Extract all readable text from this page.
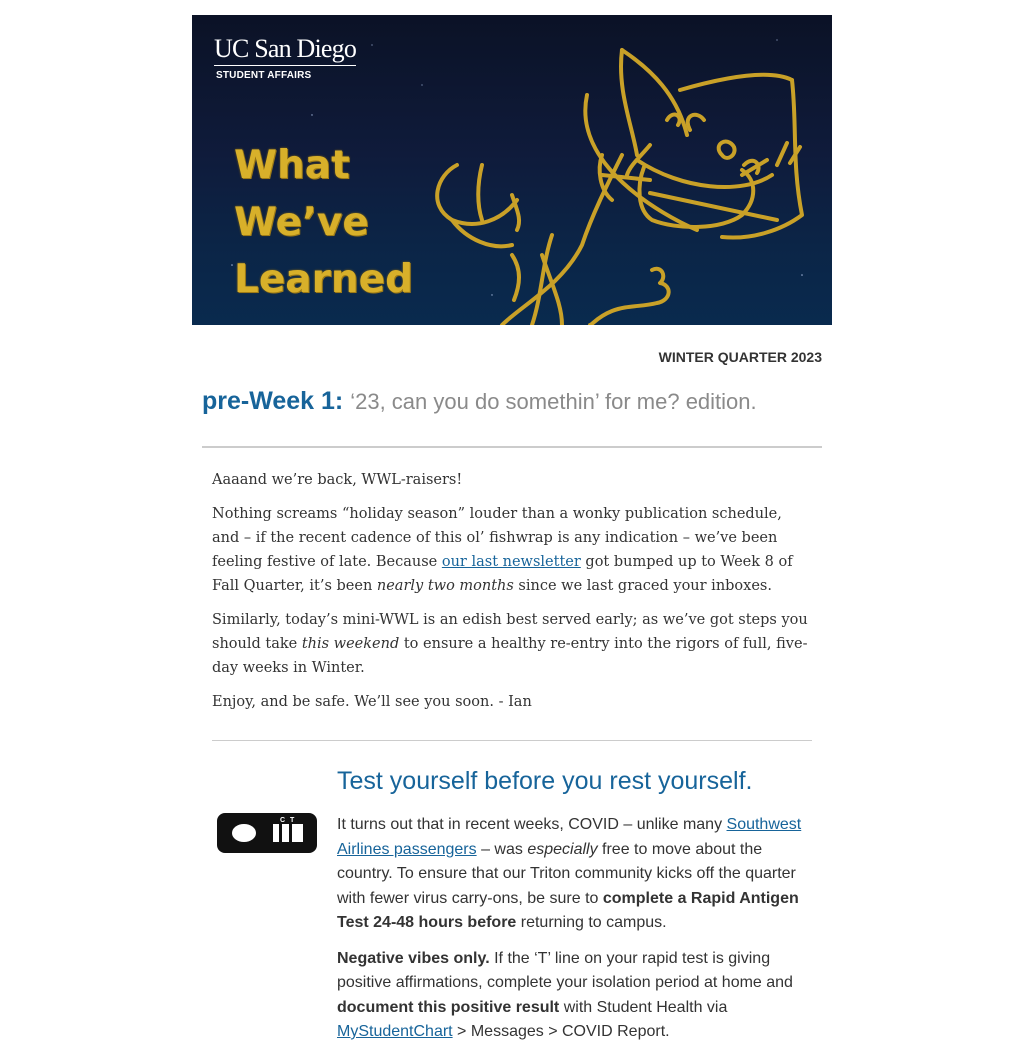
UC San Diego
STUDENT AFFAIRS
What
We’ve
Learned
WINTER QUARTER 2023
pre-Week 1: ‘23, can you do somethin’ for me? edition.

Aaaand we’re back, WWL-raisers!

Nothing screams “holiday season” louder than a wonky publication schedule, and – if the recent cadence of this ol’ fishwrap is any indication – we’ve been feeling festive of late. Because our last newsletter got bumped up to Week 8 of Fall Quarter, it’s been nearly two months since we last graced your inboxes.

Similarly, today’s mini-WWL is an edish best served early; as we’ve got steps you should take this weekend to ensure a healthy re-entry into the rigors of full, five-day weeks in Winter.

Enjoy, and be safe. We’ll see you soon. - Ian

C T
Test yourself before you rest yourself.

It turns out that in recent weeks, COVID – unlike many Southwest Airlines passengers – was especially free to move about the country. To ensure that our Triton community kicks off the quarter with fewer virus carry-ons, be sure to complete a Rapid Antigen Test 24-48 hours before returning to campus.

Negative vibes only. If the ‘T’ line on your rapid test is giving positive affirmations, complete your isolation period at home and document this positive result with Student Health via
MyStudentChart > Messages > COVID Report.
